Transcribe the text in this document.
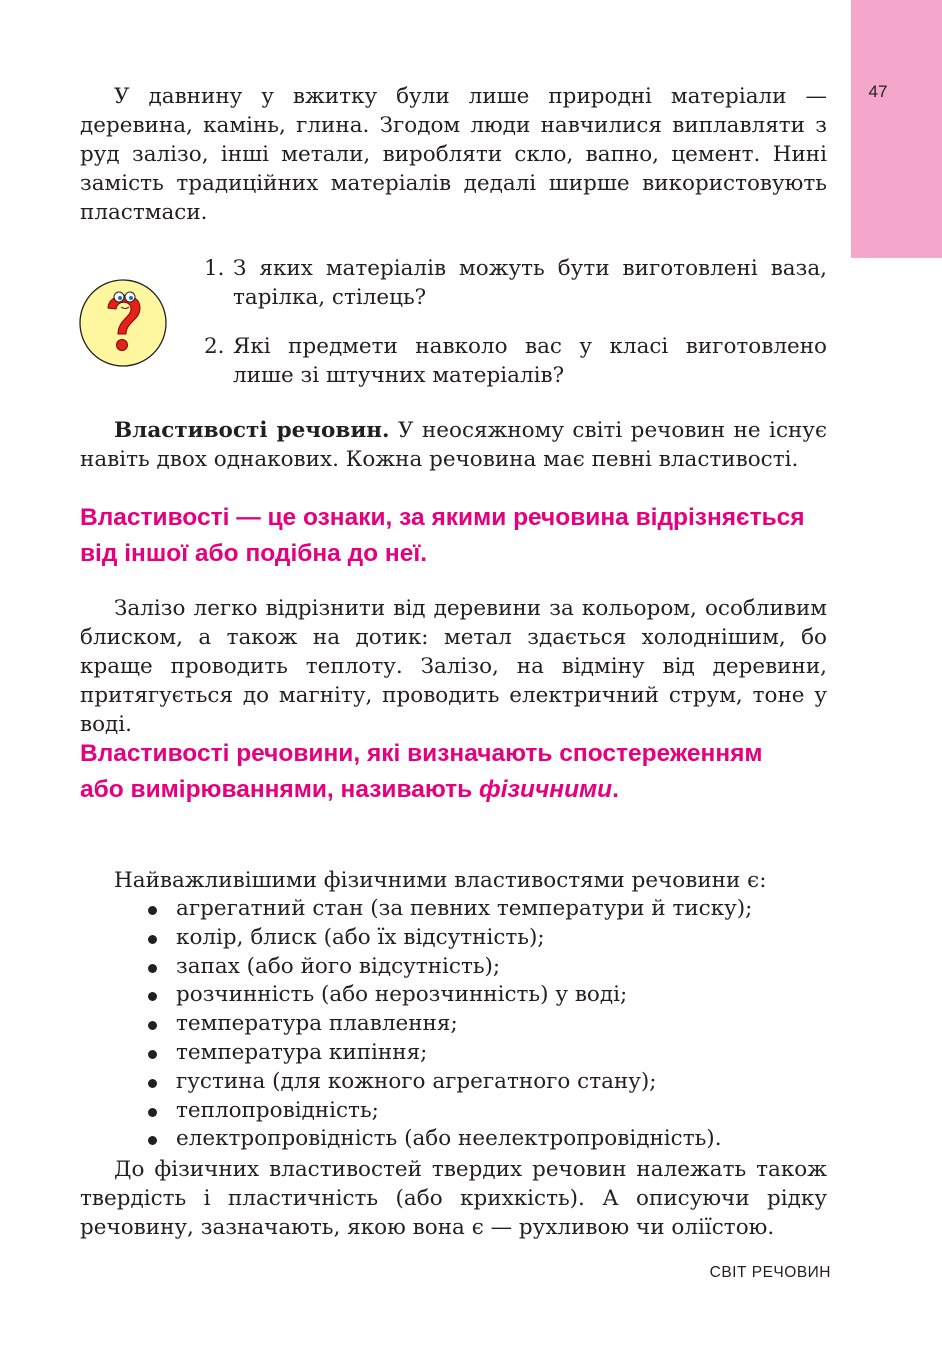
47

У давнину у вжитку були лише природні матеріали — деревина, камінь, глина. Згодом люди навчилися виплавляти з руд залізо, інші метали, виробляти скло, вапно, цемент. Нині замість традиційних матеріалів дедалі ширше використовують пластмаси.

1. З яких матеріалів можуть бути виготовлені ваза, тарілка, стілець?
2. Які предмети навколо вас у класі виготовлено лише зі штучних матеріалів?

Властивості речовин. У неосяжному світі речовин не існує навіть двох однакових. Кожна речовина має певні властивості.

Властивості — це ознаки, за якими речовина відрізняється від іншої або подібна до неї.

Залізо легко відрізнити від деревини за кольором, особливим блиском, а також на дотик: метал здається холоднішим, бо краще проводить теплоту. Залізо, на відміну від деревини, притягується до магніту, проводить електричний струм, тоне у воді.

Властивості речовини, які визначають спостереженням або вимірюваннями, називають фізичними.

Найважливішими фізичними властивостями речовини є:

агрегатний стан (за певних температури й тиску);
колір, блиск (або їх відсутність);
запах (або його відсутність);
розчинність (або нерозчинність) у воді;
температура плавлення;
температура кипіння;
густина (для кожного агрегатного стану);
теплопровідність;
електропровідність (або неелектропровідність).

До фізичних властивостей твердих речовин належать також твердість і пластичність (або крихкість). А описуючи рідку речовину, зазначають, якою вона є — рухливою чи оліїстою.

СВІТ РЕЧОВИН
